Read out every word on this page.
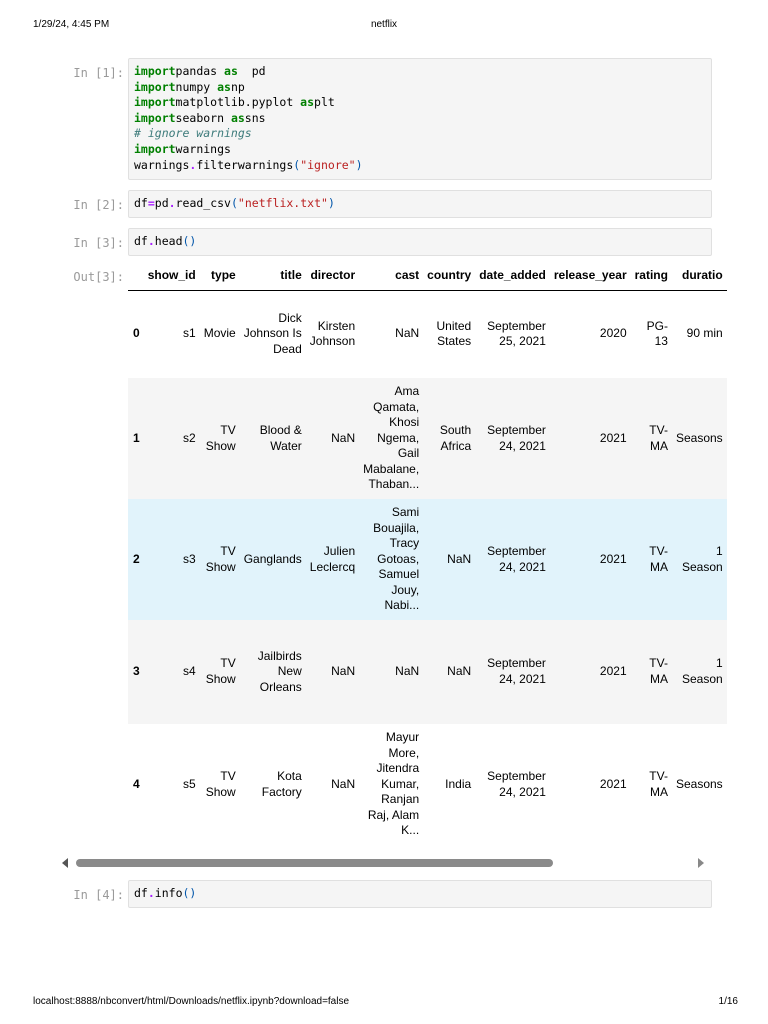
1/29/24, 4:45 PM	netflix
In [1]: importpandas as  pd
importnumpy asnp
importmatplotlib.pyplot asplt
importseaborn assns
# ignore warnings
importwarnings
warnings.filterwarnings("ignore")
In [2]: df=pd.read_csv("netflix.txt")
In [3]: df.head()
Out[3]:
	show_id	type	title	director	cast	country	date_added	release_year	rating	duratio
0	s1	Movie	Dick Johnson Is Dead	Kirsten Johnson	NaN	United States	September 25, 2021	2020	PG-13	90 min
1	s2	TV Show	Blood & Water	NaN	Ama Qamata, Khosi Ngema, Gail Mabalane, Thaban...	South Africa	September 24, 2021	2021	TV-MA	Seasons
2	s3	TV Show	Ganglands	Julien Leclercq	Sami Bouajila, Tracy Gotoas, Samuel Jouy, Nabi...	NaN	September 24, 2021	2021	TV-MA	1 Season
3	s4	TV Show	Jailbirds New Orleans	NaN	NaN	NaN	September 24, 2021	2021	TV-MA	1 Season
4	s5	TV Show	Kota Factory	NaN	Mayur More, Jitendra Kumar, Ranjan Raj, Alam K...	India	September 24, 2021	2021	TV-MA	Seasons
In [4]: df.info()
localhost:8888/nbconvert/html/Downloads/netflix.ipynb?download=false	1/16
